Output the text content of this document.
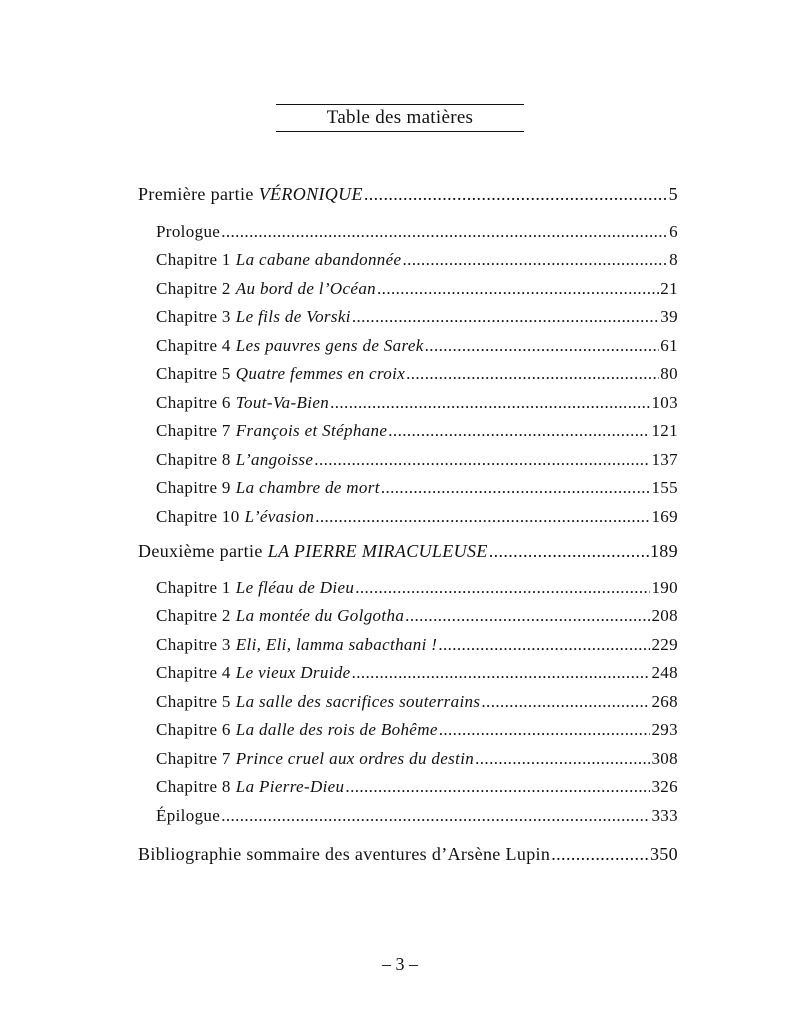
Table des matières
Première partie VÉRONIQUE .....	5
Prologue .....	6
Chapitre 1 La cabane abandonnée .....	8
Chapitre 2 Au bord de l’Océan .....	21
Chapitre 3 Le fils de Vorski .....	39
Chapitre 4 Les pauvres gens de Sarek .....	61
Chapitre 5 Quatre femmes en croix .....	80
Chapitre 6 Tout-Va-Bien .....	103
Chapitre 7 François et Stéphane .....	121
Chapitre 8 L’angoisse .....	137
Chapitre 9 La chambre de mort .....	155
Chapitre 10 L’évasion .....	169
Deuxième partie LA PIERRE MIRACULEUSE .....	189
Chapitre 1 Le fléau de Dieu .....	190
Chapitre 2 La montée du Golgotha .....	208
Chapitre 3 Eli, Eli, lamma sabacthani ! .....	229
Chapitre 4 Le vieux Druide .....	248
Chapitre 5 La salle des sacrifices souterrains .....	268
Chapitre 6 La dalle des rois de Bohême .....	293
Chapitre 7 Prince cruel aux ordres du destin .....	308
Chapitre 8 La Pierre-Dieu .....	326
Épilogue .....	333
Bibliographie sommaire des aventures d’Arsène Lupin .....	350
– 3 –
